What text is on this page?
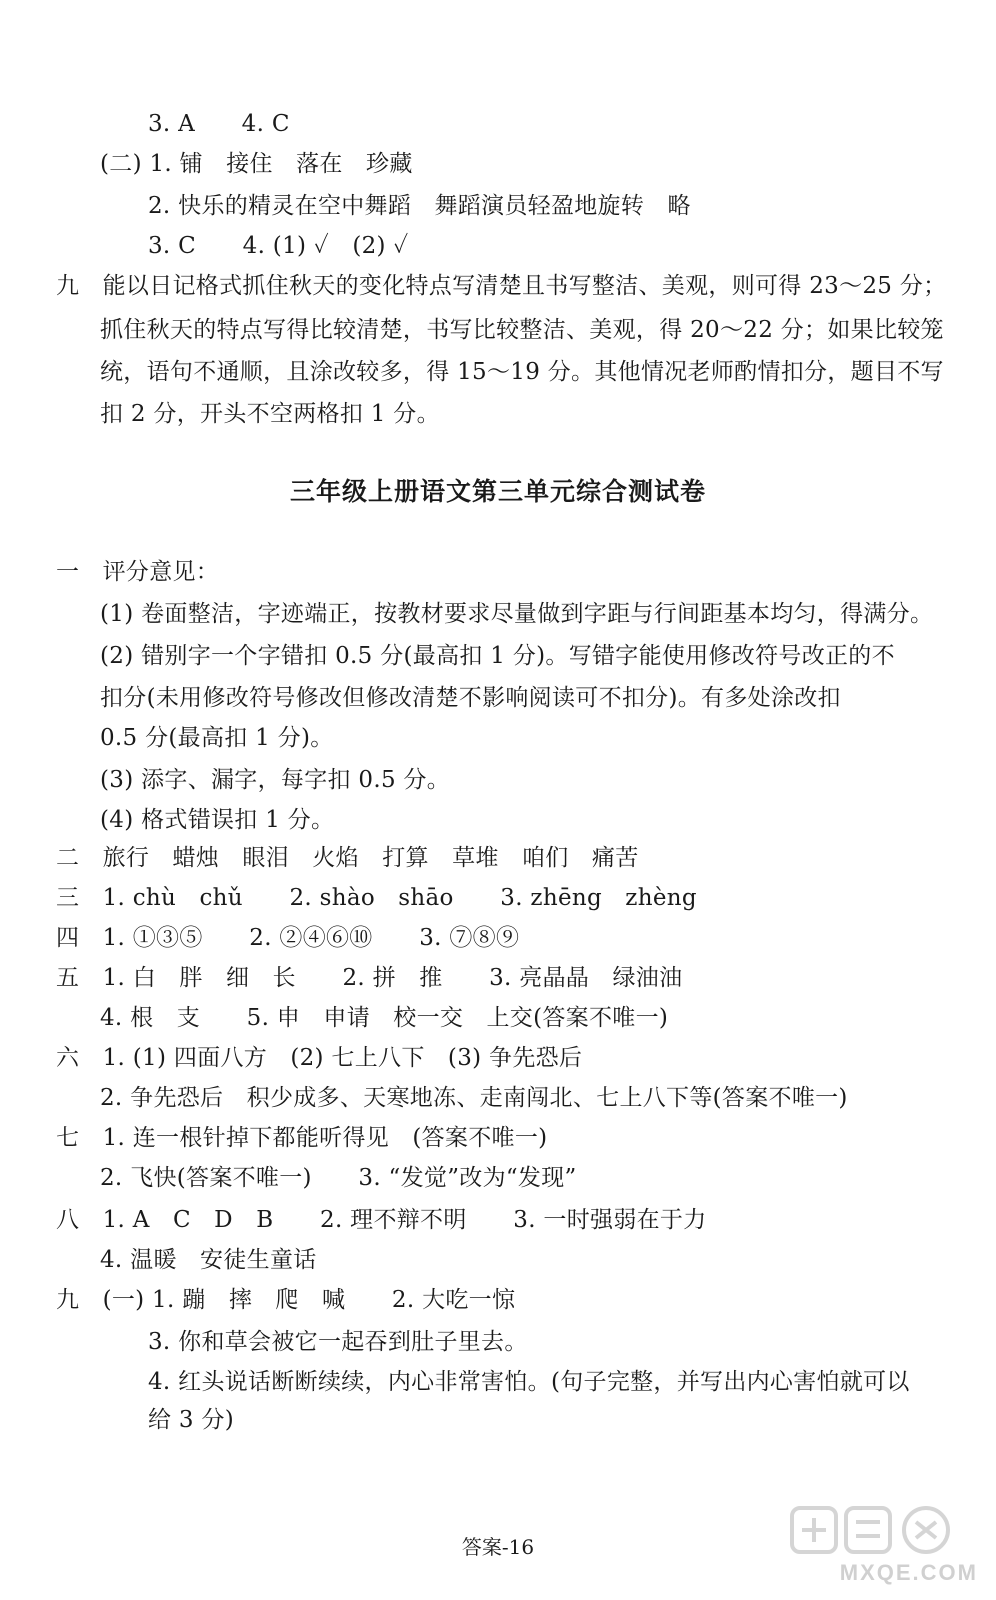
3. A　　4. C
(二) 1. 铺　接住　落在　珍藏
2. 快乐的精灵在空中舞蹈　舞蹈演员轻盈地旋转　略
3. C　　4. (1) ✓　(2) ✓
九　能以日记格式抓住秋天的变化特点写清楚且书写整洁、美观，则可得 23～25 分；
抓住秋天的特点写得比较清楚，书写比较整洁、美观，得 20～22 分；如果比较笼
统，语句不通顺，且涂改较多，得 15～19 分。其他情况老师酌情扣分，题目不写
扣 2 分，开头不空两格扣 1 分。
三年级上册语文第三单元综合测试卷
一　评分意见：
(1) 卷面整洁，字迹端正，按教材要求尽量做到字距与行间距基本均匀，得满分。
(2) 错别字一个字错扣 0.5 分(最高扣 1 分)。写错字能使用修改符号改正的不
扣分(未用修改符号修改但修改清楚不影响阅读可不扣分)。有多处涂改扣
0.5 分(最高扣 1 分)。
(3) 添字、漏字，每字扣 0.5 分。
(4) 格式错误扣 1 分。
二　旅行　蜡烛　眼泪　火焰　打算　草堆　咱们　痛苦
三　1. chù　chǔ　　2. shào　shāo　　3. zhēng　zhèng
四　1. ①③⑤　　2. ②④⑥⑩　　3. ⑦⑧⑨
五　1. 白　胖　细　长　　2. 拼　推　　3. 亮晶晶　绿油油
4. 根　支　　5. 申　申请　校一交　上交(答案不唯一)
六　1. (1) 四面八方　(2) 七上八下　(3) 争先恐后
2. 争先恐后　积少成多、天寒地冻、走南闯北、七上八下等(答案不唯一)
七　1. 连一根针掉下都能听得见　(答案不唯一)
2. 飞快(答案不唯一)　　3. “发觉”改为“发现”
八　1. A　C　D　B　　2. 理不辩不明　　3. 一时强弱在于力
4. 温暖　安徒生童话
九　(一) 1. 蹦　摔　爬　喊　　2. 大吃一惊
3. 你和草会被它一起吞到肚子里去。
4. 红头说话断断续续，内心非常害怕。(句子完整，并写出内心害怕就可以
给 3 分)
答案-16
MXQE.COM
